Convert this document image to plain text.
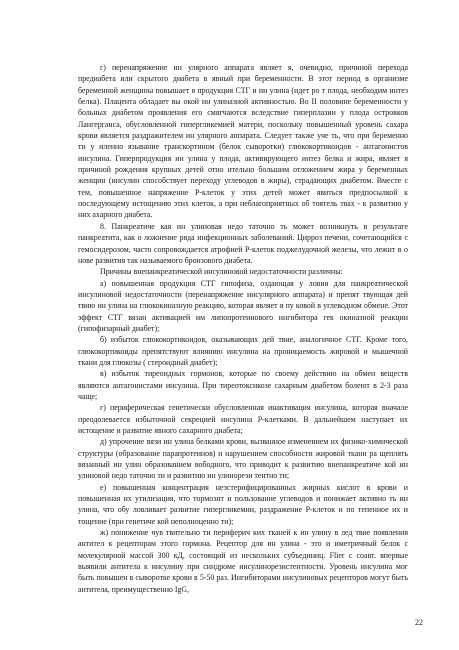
г) перенапряжение ин улярного аппарата являет я, очевидно, причиной перехода предиабета или скрытого диабета в явный при беременности. В этот период в организме беременной женщины повышает я продукция СТГ и ин улина (идет ро т плода, необходим интез белка). Плацента обладает вы окой ин улиназной активностью. Во II половине беременности у больных диабетом проявления его смягчаются вследствие гиперплазии у плода островков Лангерганса, обусловленной гипергликемией матери, поскольку повышенный уровень сахара крови является раздражителем ин улярного аппарата. Следует также уче ть, что при беременно ти у иленно язывание транскортином (белок сыворотки) глюкокортикоидов - антагонистов инсулина. Гиперпродукция ин улина у плода, активирующего интез белка и жира, являет я причиной рождения крупных детей отно ительно большим отложением жира у беременных женщин (инсулин способствует переходу углеводов в жиры), страдающих диабетом. Вместе с тем, повышенное напряжение Р-клеток у этих детей может явиться предпосылкой к последующему истощению этих клеток, а при неблагоприятных об тоятель твах - к развитию у них ахарного диабета.

8. Панкреатиче кая ин улиновая недо таточно ть может возникнуть в результате панкреатита, как о ложнение ряда инфекционных заболеваний. Цирроз печени, сочетающийся с гемосидерозом, часто сопровождается атрофией Р-клеток поджелудочной железы, что лежит в о нове развития так называемого бронзового диабета.

Причины внепанкреатической инсулиновой недостаточности различны:

а) повышенная продукция СТГ гипофиза, оздающая у ловия для панкреатической инсулиновой недостаточности (перенапряжение инсулярного аппарата) и препят твующая дей твию ин улина на глюкокиназную реакцию, которая являет я пу ковой в углеводном обмене. Этот эффект СТГ вязан активацией им липопротеинового ингибитора гек окиназной реакции (гипофизарный диабет);

б) избыток глюкокортикоидов, оказывающих дей твие, аналогичное СТГ. Кроме того, глюкокортикоиды препятствуют влиянию инсулина на проницаемость жировой и мышечной ткани для глюкозы ( стероидный диабет);

в) избыток тиреоидных гормонов, которые по своему действию на обмен веществ являются антагонистами инсулина. При тиреотоксикозе сахарным диабетом болеют в 2-3 раза чаще;

г) периферическая генетически обусловленная инактивация инсулина, которая вначале преодолевается избыточной секрецией инсулина Р-клетками. В дальнейшем наступает их истощение и развитие явного сахарного диабета;

д) упрочение вязи ин улина белками крови, вызванное изменением их физико-химической структуры (образование парапротеинов) и нарушением способности жировой ткани ра щеплять вязанный ин улин образованием вободного, что приводит к развитию внепанкреатиче кой ин улиновой недо таточно ти и развитию ин улинорези тентно ти;

е) повышенная концентрация неэстерифицированных жирных кислот в крови и повышенная их утилизация, что тормозит и пользование углеводов и понижает активно ть ин улина, что обу ловливает развитие гипергликемии, раздражение Р-клеток и по тепенное их и тощение (при генетиче кой неполноценно ти);

ж) понижение чув твительно ти периферич ких тканей к ин улину в лед твие появления антител к рецепторам этого гормона. Рецептор для ин улина - это и иметричный белок с молекулярной массой 300 кД, состоящий из нескольких субъединиц. Flier с соавт. впервые выявили антитела к инсулину при синдроме инсулинорезистентности. Уровень инсулина мог быть повышен в сыворотке крови в 5-50 раз. Ингибиторами инсулиновых рецепторов могут быть антитела, преимущественно IgG,

22
